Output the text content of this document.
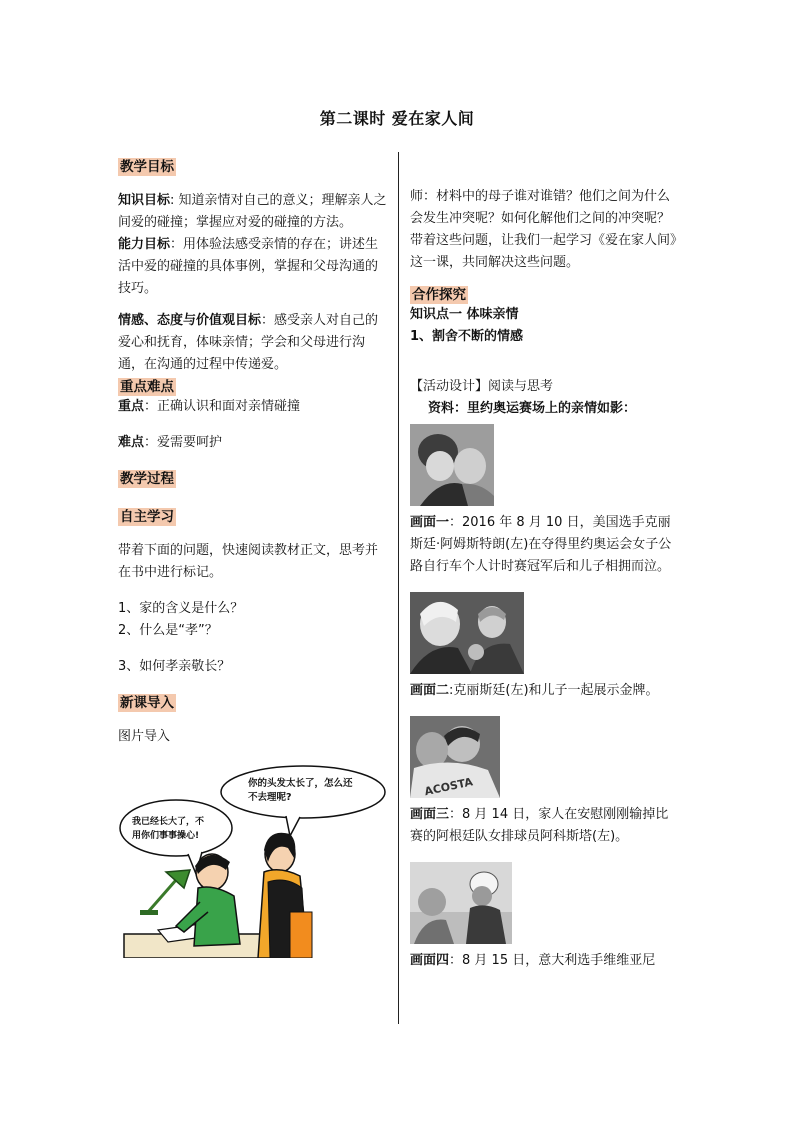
第二课时 爱在家人间
教学目标

知识目标: 知道亲情对自己的意义；理解亲人之间爱的碰撞；掌握应对爱的碰撞的方法。

能力目标：用体验法感受亲情的存在；讲述生活中爱的碰撞的具体事例，掌握和父母沟通的技巧。

情感、态度与价值观目标：感受亲人对自己的爱心和抚育，体味亲情；学会和父母进行沟通，在沟通的过程中传递爱。

重点难点

重点：正确认识和面对亲情碰撞

难点：爱需要呵护

教学过程
自主学习

带着下面的问题，快速阅读教材正文，思考并在书中进行标记。

1、家的含义是什么？

2、什么是“孝”？

3、如何孝亲敬长？

新课导入

图片导入

你的头发太长了，怎么还不去理呢?
我已经长大了，不用你们事事操心!

师：材料中的母子谁对谁错？他们之间为什么会发生冲突呢？如何化解他们之间的冲突呢？带着这些问题，让我们一起学习《爱在家人间》这一课，共同解决这些问题。

合作探究

知识点一 体味亲情

1、割舍不断的情感

【活动设计】阅读与思考

资料：里约奥运赛场上的亲情如影：

画面一：2016 年 8 月 10 日，美国选手克丽斯廷·阿姆斯特朗(左)在夺得里约奥运会女子公路自行车个人计时赛冠军后和儿子相拥而泣。

画面二:克丽斯廷(左)和儿子一起展示金牌。

ACOSTA

画面三：8 月 14 日，家人在安慰刚刚输掉比赛的阿根廷队女排球员阿科斯塔(左)。

画面四：8 月 15 日，意大利选手维维亚尼
